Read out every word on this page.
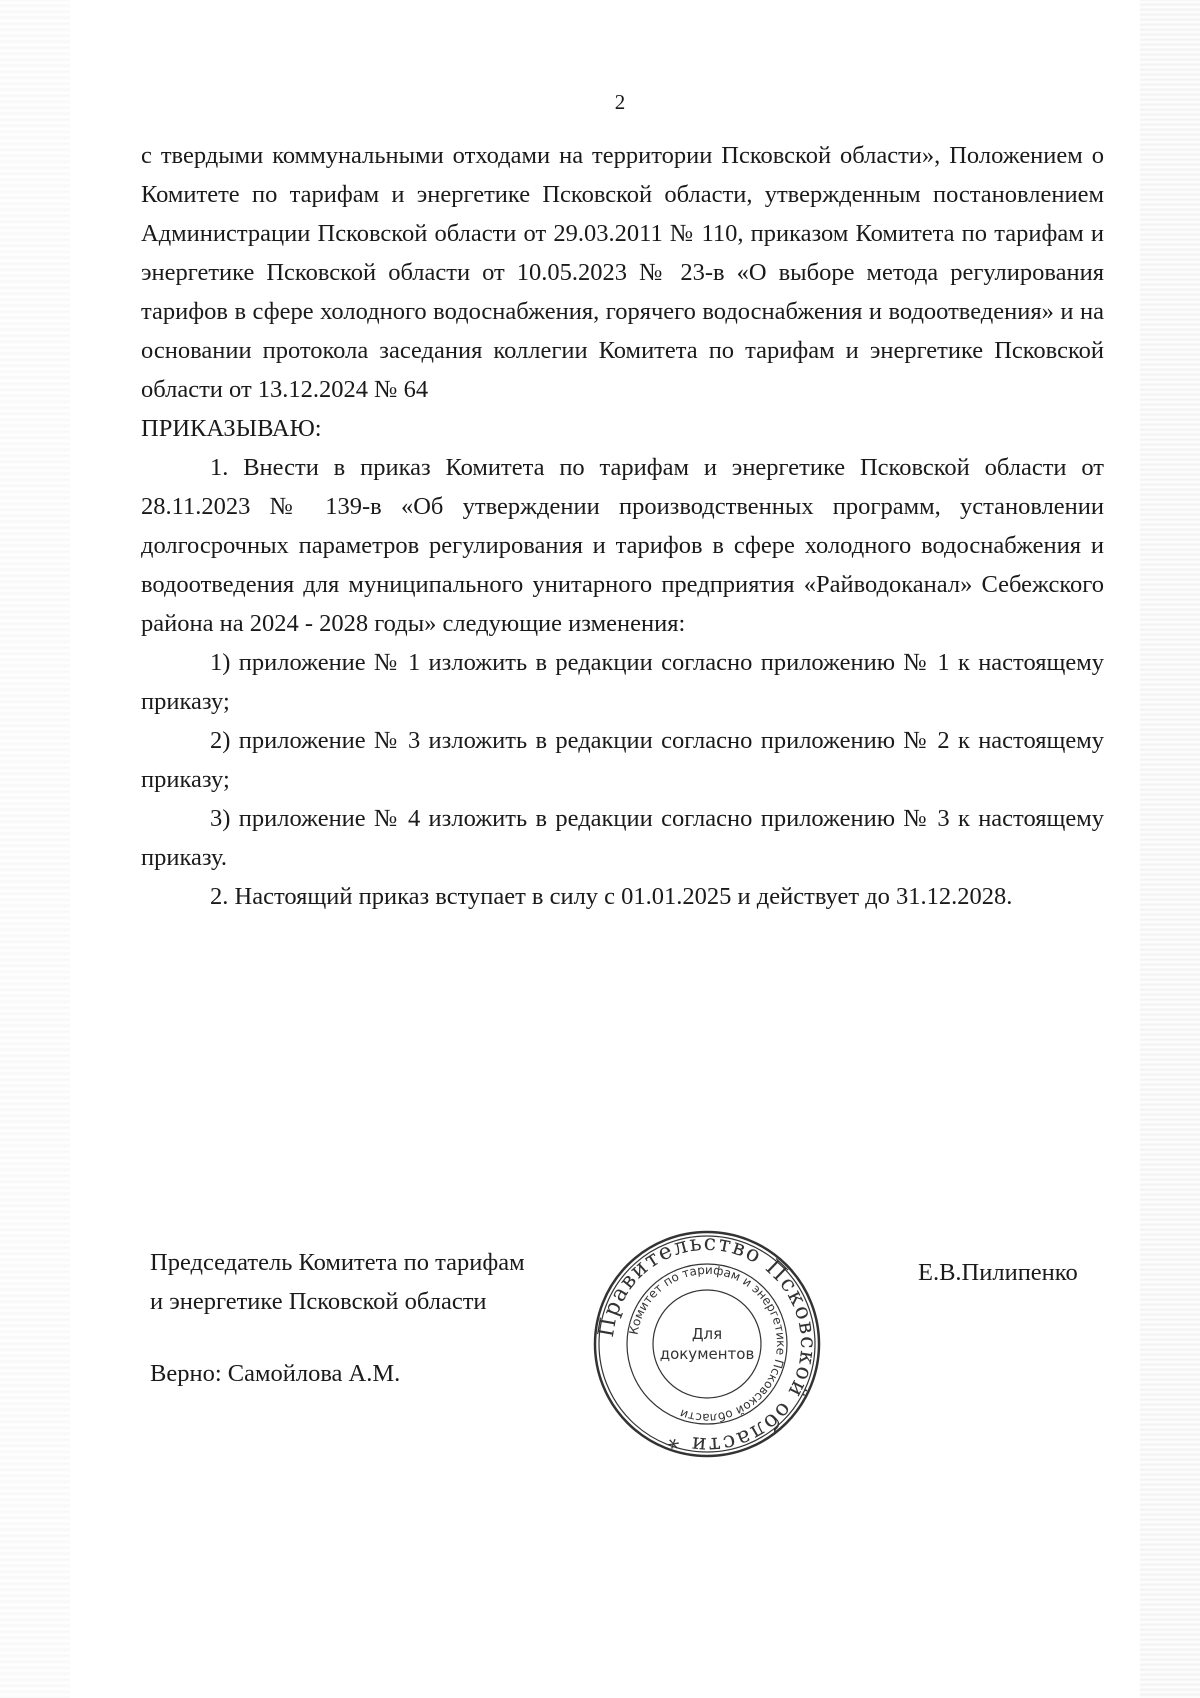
2

с твердыми коммунальными отходами на территории Псковской области», Положением о Комитете по тарифам и энергетике Псковской области, утвержденным постановлением Администрации Псковской области от 29.03.2011 № 110, приказом Комитета по тарифам и энергетике Псковской области от 10.05.2023 № 23-в «О выборе метода регулирования тарифов в сфере холодного водоснабжения, горячего водоснабжения и водоотведения» и на основании протокола заседания коллегии Комитета по тарифам и энергетике Псковской области от 13.12.2024 № 64

ПРИКАЗЫВАЮ:

1. Внести в приказ Комитета по тарифам и энергетике Псковской области от 28.11.2023 № 139-в «Об утверждении производственных программ, установлении долгосрочных параметров регулирования и тарифов в сфере холодного водоснабжения и водоотведения для муниципального унитарного предприятия «Райводоканал» Себежского района на 2024 - 2028 годы» следующие изменения:

1) приложение № 1 изложить в редакции согласно приложению № 1 к настоящему приказу;

2) приложение № 3 изложить в редакции согласно приложению № 2 к настоящему приказу;

3) приложение № 4 изложить в редакции согласно приложению № 3 к настоящему приказу.

2. Настоящий приказ вступает в силу с 01.01.2025 и действует до 31.12.2028.

Председатель Комитета по тарифам
и энергетике Псковской области
Е.В.Пилипенко
Верно: Самойлова А.М.
Правительство Псковской области *
Комитет по тарифам и энергетике Псковской области
Для
документов
